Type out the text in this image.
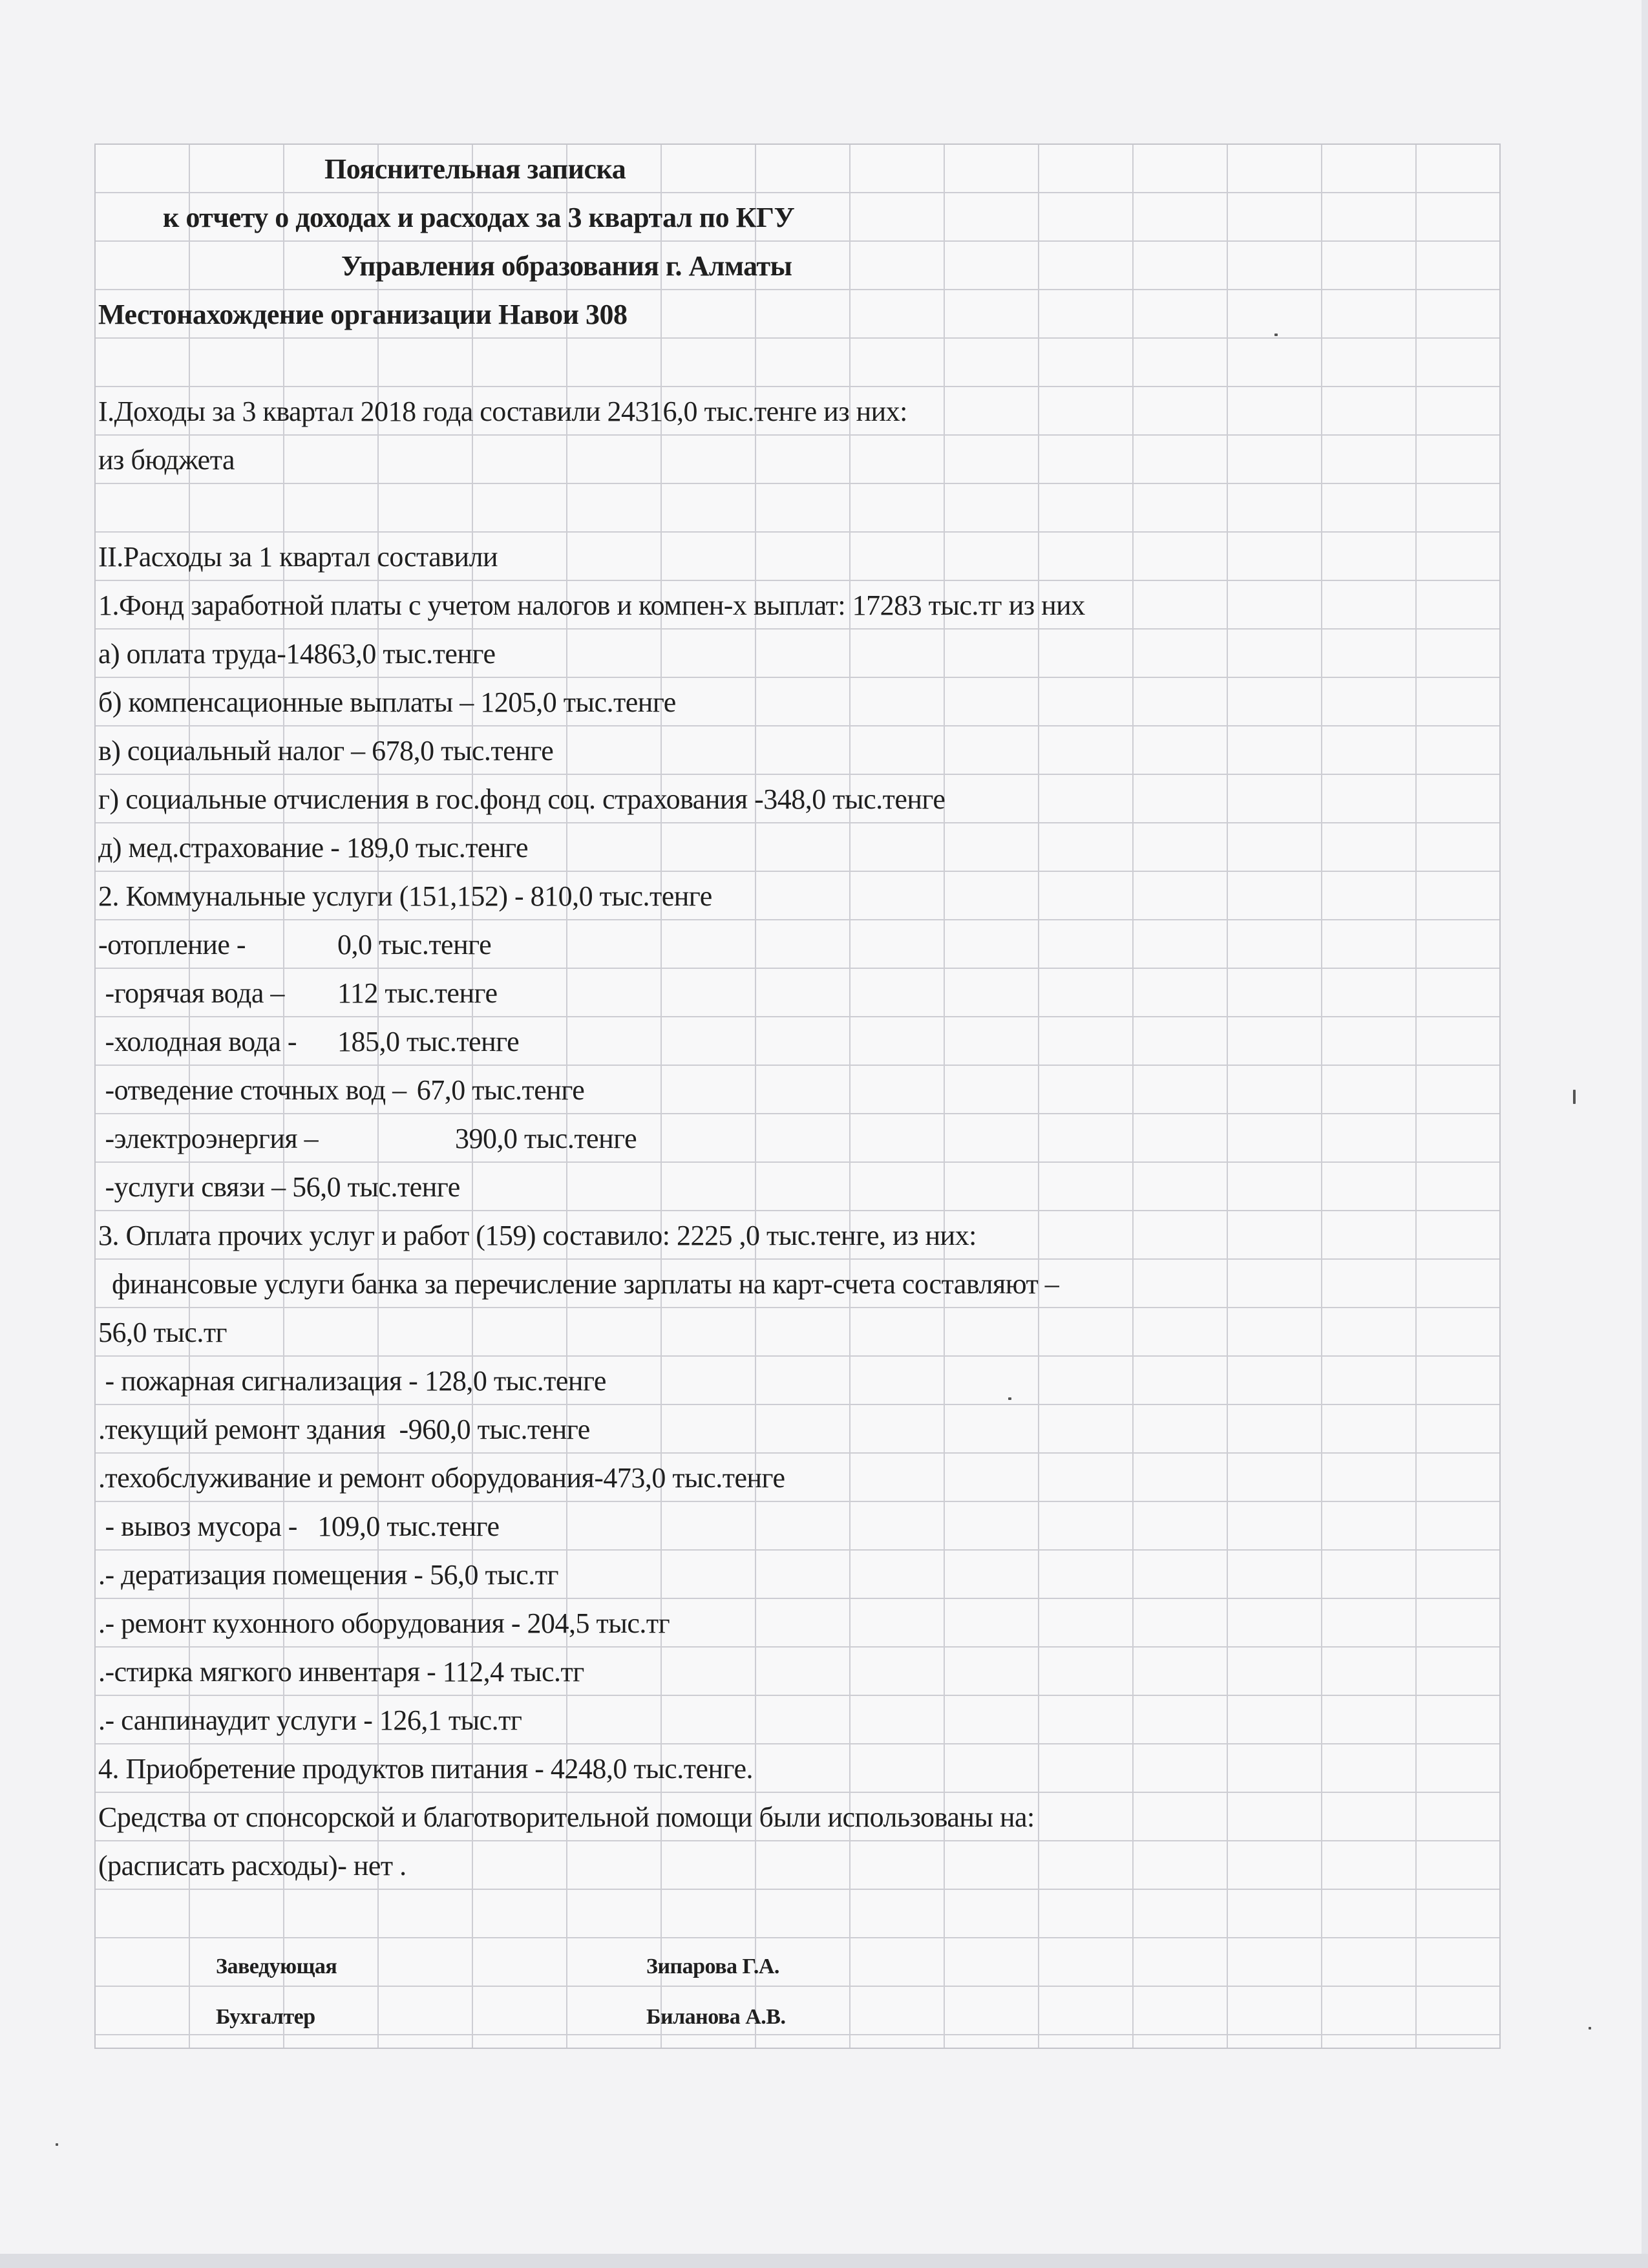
Пояснительная записка
к отчету о доходах и расходах за 3 квартал по КГУ
Управления образования г. Алматы
Местонахождение организации Навои 308
I.Доходы за 3 квартал 2018 года составили 24316,0 тыс.тенге из них:
из бюджета
II.Расходы за 1 квартал составили
1.Фонд заработной платы с учетом налогов и компен-х выплат: 17283 тыс.тг из них
а) оплата труда-14863,0 тыс.тенге
б) компенсационные выплаты – 1205,0 тыс.тенге
в) социальный налог – 678,0 тыс.тенге
г) социальные отчисления в гос.фонд соц. страхования -348,0 тыс.тенге
д) мед.страхование - 189,0 тыс.тенге
2. Коммунальные услуги (151,152) - 810,0 тыс.тенге
-отопление -	0,0 тыс.тенге
-горячая вода – 112 тыс.тенге
-холодная вода - 185,0 тыс.тенге
-отведение сточных вод – 67,0 тыс.тенге
-электроэнергия –	390,0 тыс.тенге
-услуги связи – 56,0 тыс.тенге
3. Оплата прочих услуг и работ (159) составило: 2225 ,0 тыс.тенге, из них:
финансовые услуги банка за перечисление зарплаты на карт-счета составляют –
56,0 тыс.тг
- пожарная сигнализация - 128,0 тыс.тенге
.текущий ремонт здания  -960,0 тыс.тенге
.техобслуживание и ремонт оборудования-473,0 тыс.тенге
- вывоз мусора -   109,0 тыс.тенге
.- дератизация помещения - 56,0 тыс.тг
.- ремонт кухонного оборудования - 204,5 тыс.тг
.-стирка мягкого инвентаря - 112,4 тыс.тг
.- санпинаудит услуги - 126,1 тыс.тг
4. Приобретение продуктов питания - 4248,0 тыс.тенге.
Средства от спонсорской и благотворительной помощи были использованы на:
(расписать расходы)- нет .
Заведующая	Зипарова Г.А.
Бухгалтер	Биланова А.В.
